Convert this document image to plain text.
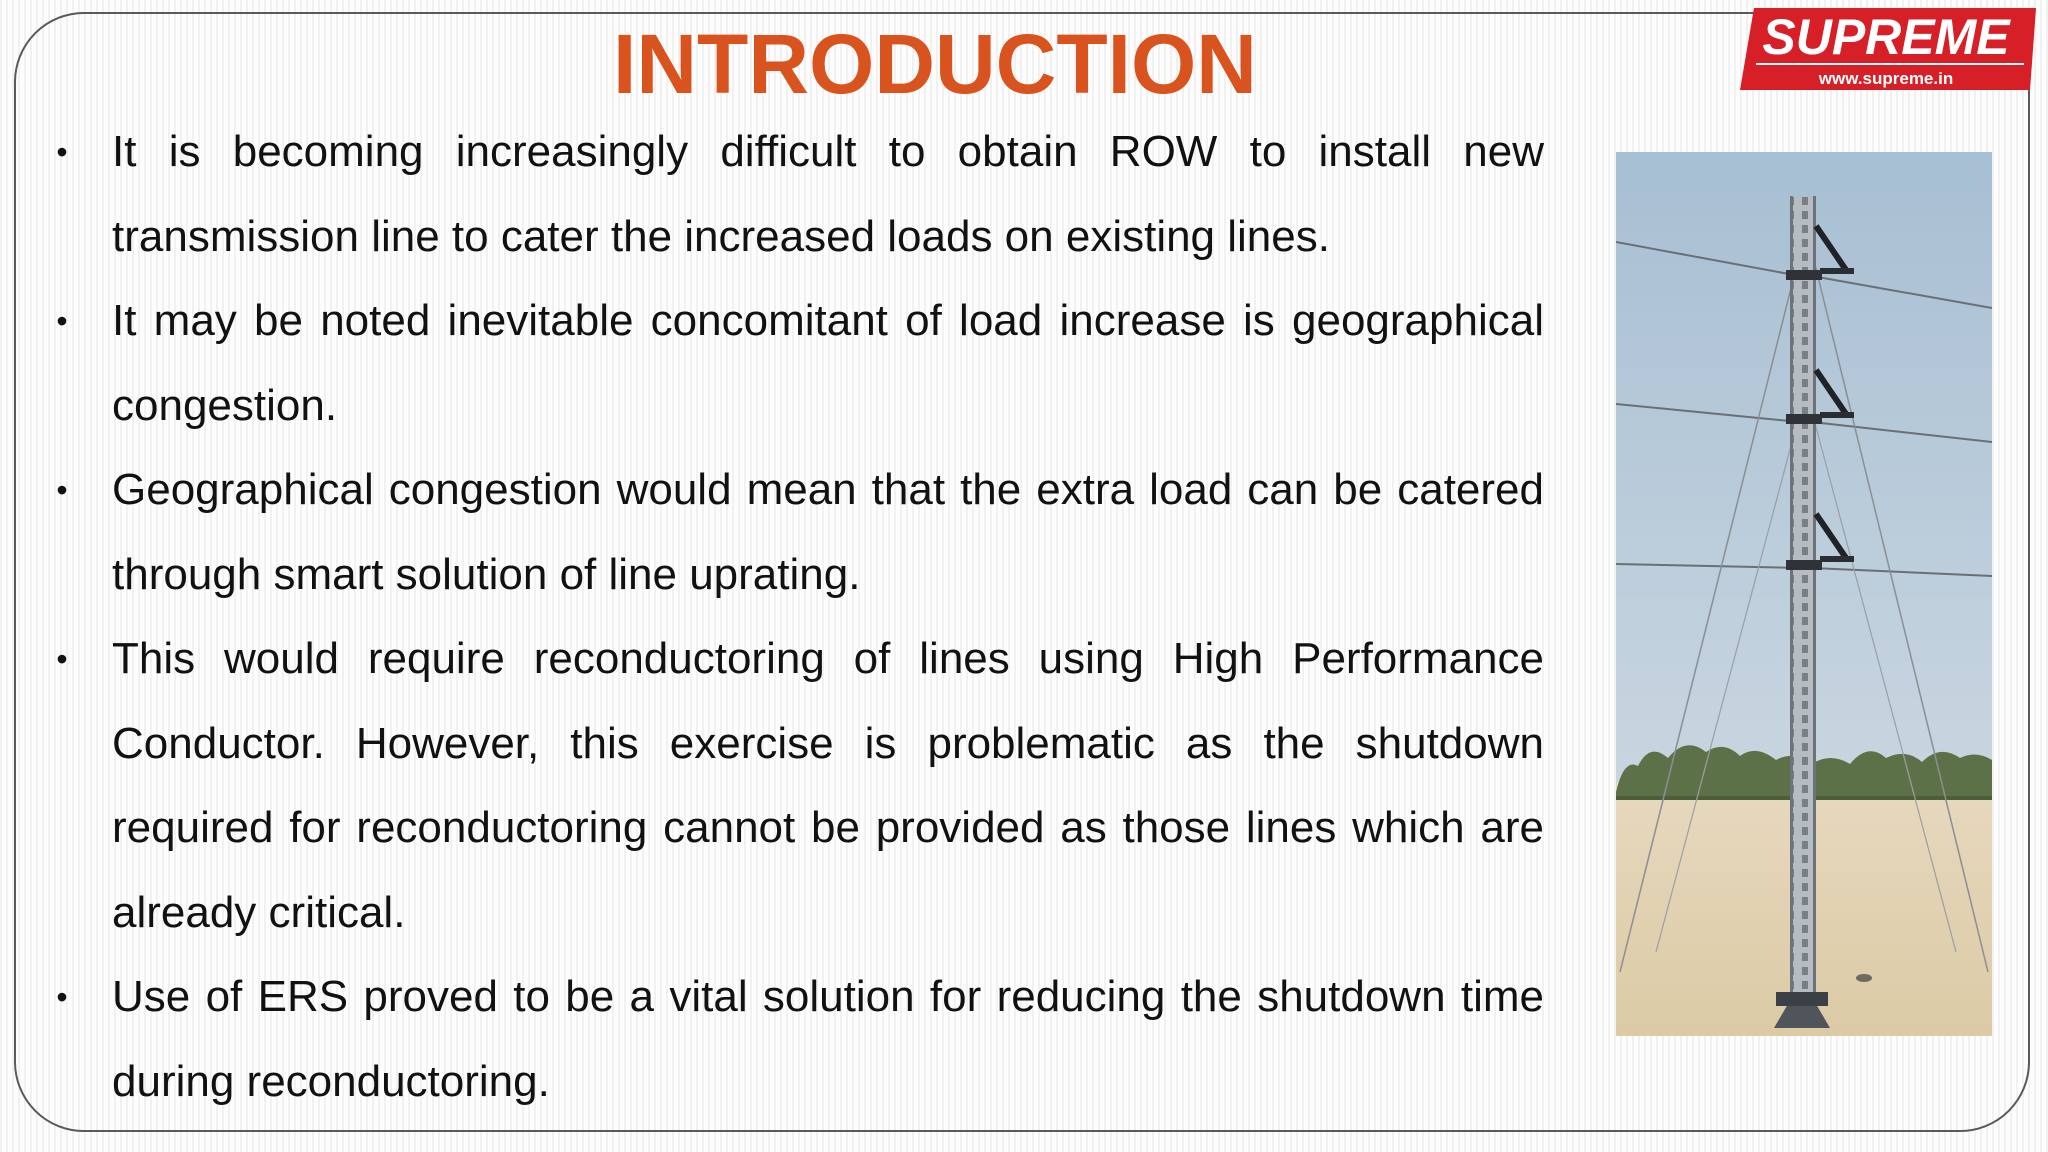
INTRODUCTION	SUPREME
www.supreme.in
• It is becoming increasingly difficult to obtain ROW to install new transmission line to cater the increased loads on existing lines.
• It may be noted inevitable concomitant of load increase is geographical congestion.
• Geographical congestion would mean that the extra load can be catered through smart solution of line uprating.
• This would require reconductoring of lines using High Performance Conductor. However, this exercise is problematic as the shutdown required for reconductoring cannot be provided as those lines which are already critical.
• Use of ERS proved to be a vital solution for reducing the shutdown time during reconductoring.
